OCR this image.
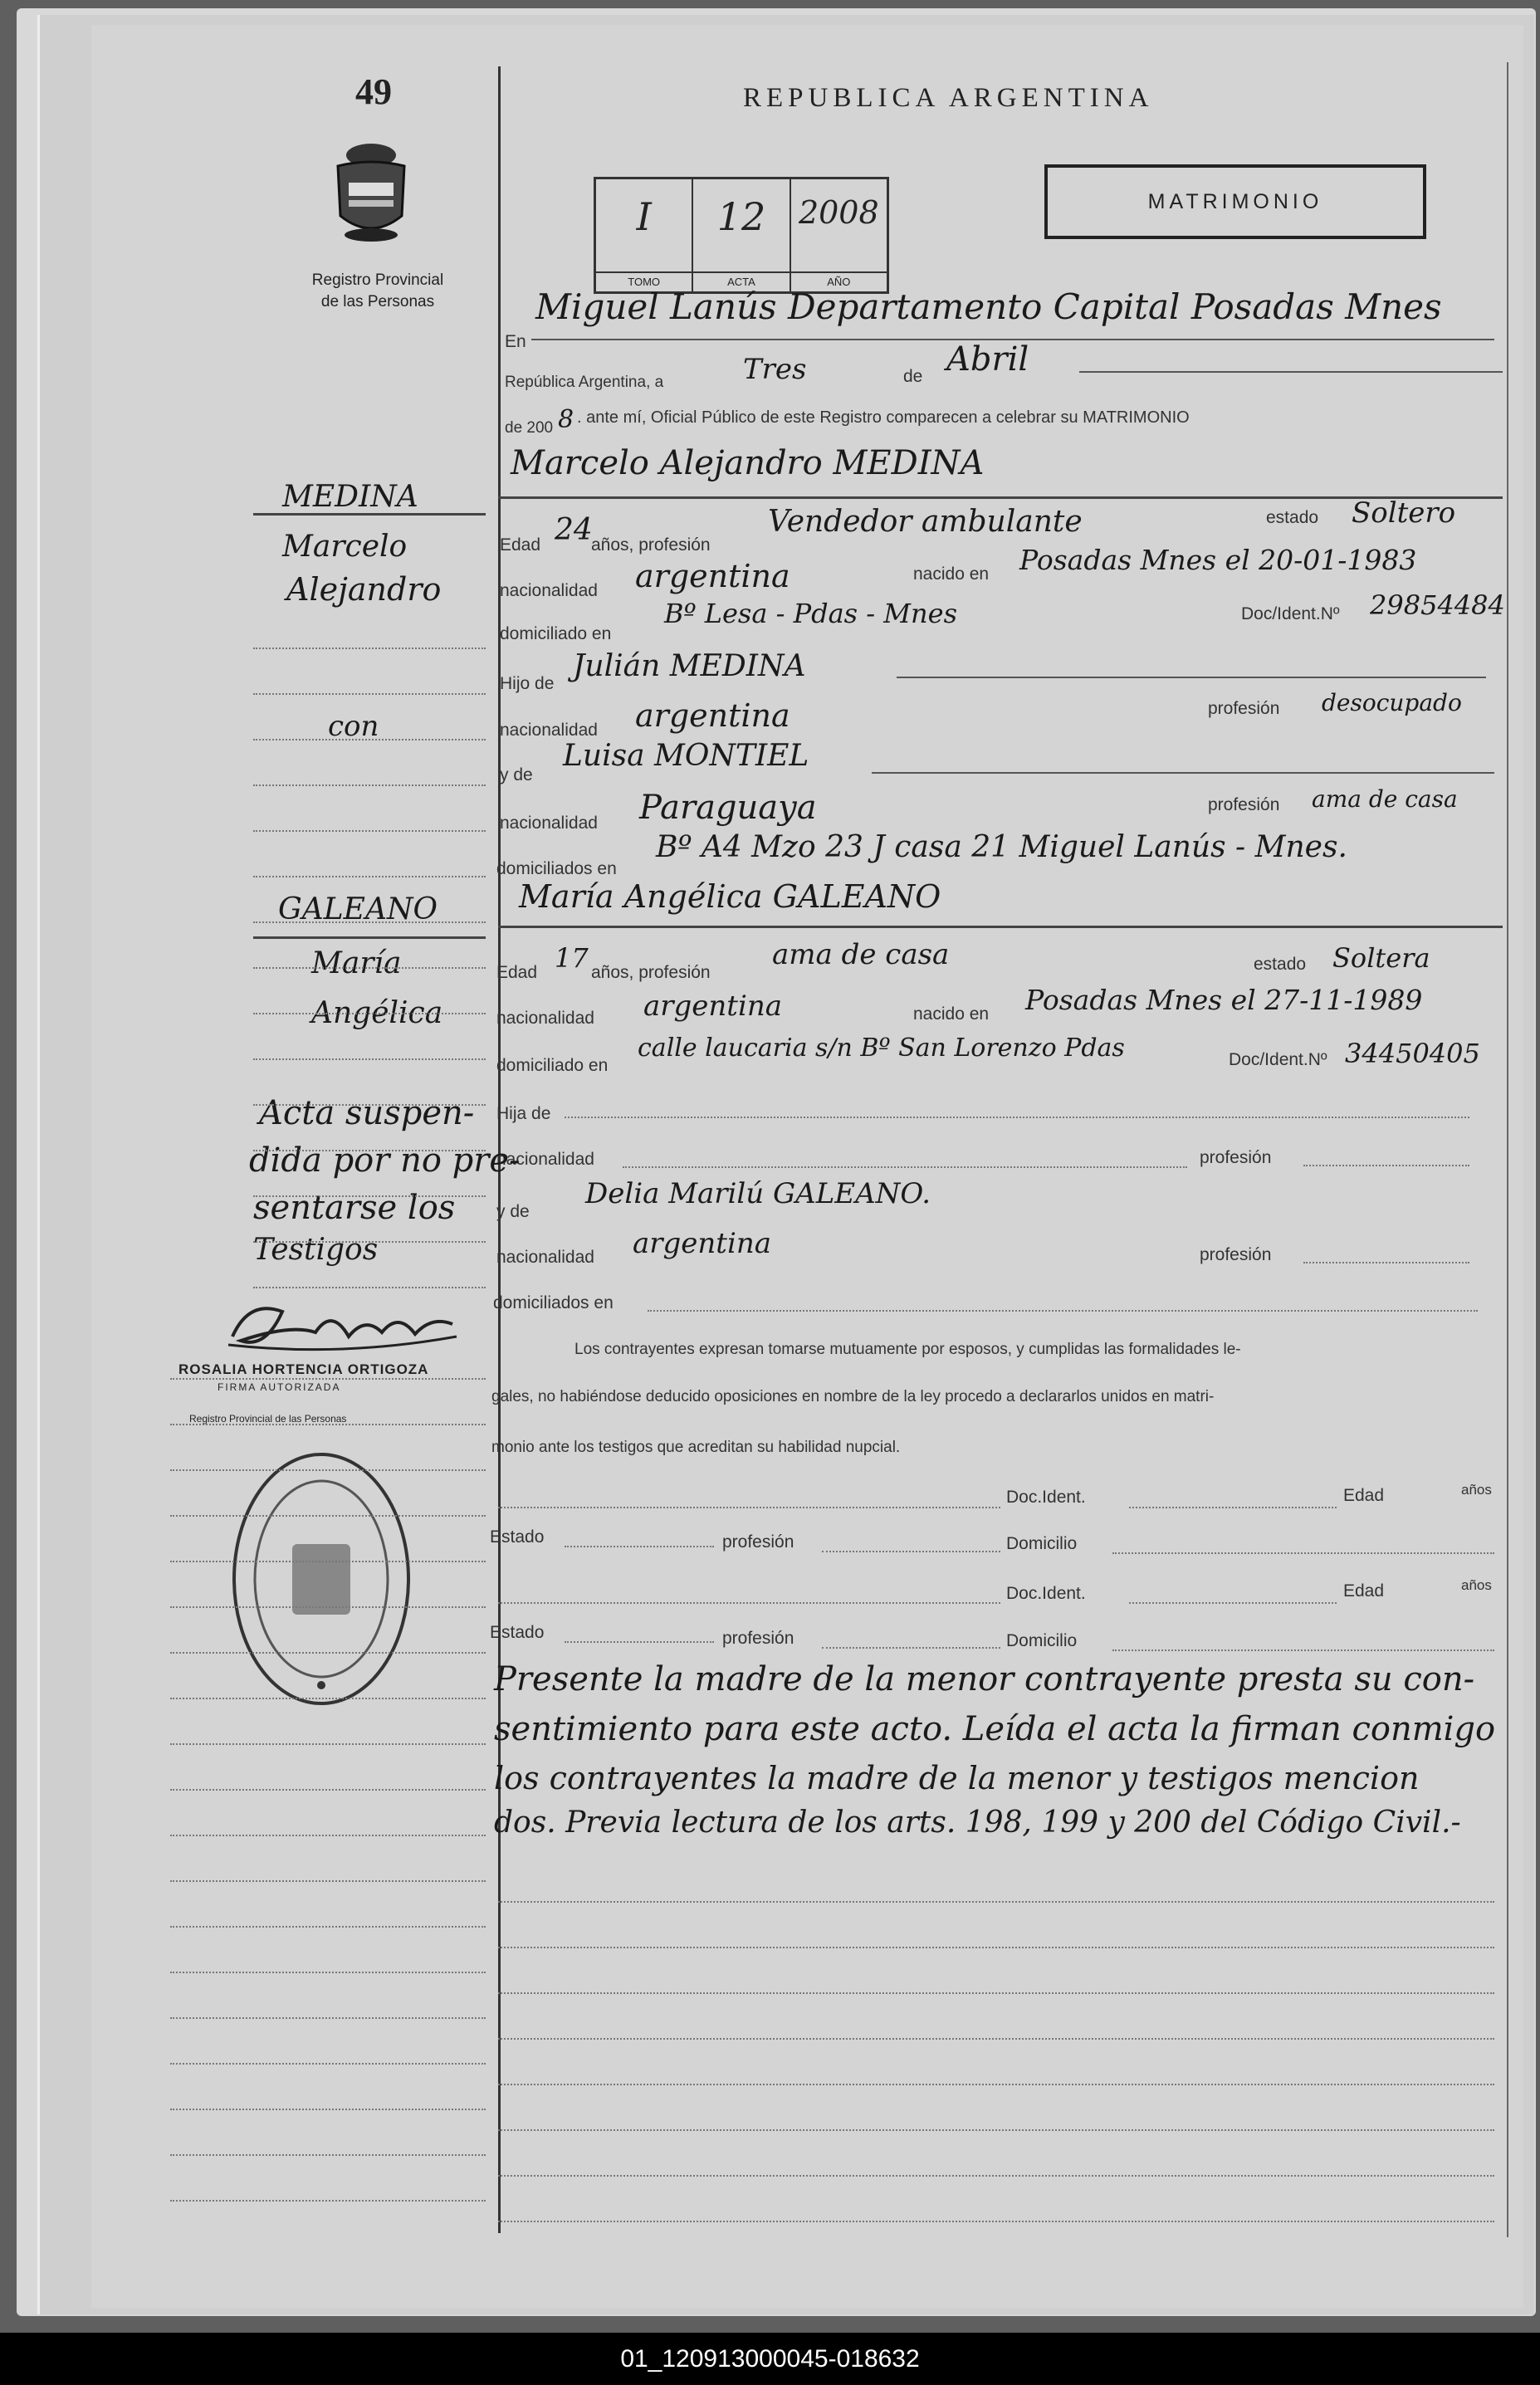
49
Registro Provincial
de las Personas
REPUBLICA ARGENTINA
MATRIMONIO
I
TOMO
12
ACTA
2008
AÑO
En
Miguel Lanús Departamento Capital Posadas Mnes
República Argentina, a	Tres	de Abril
de 200 8 . ante mí, Oficial Público de este Registro comparecen a celebrar su MATRIMONIO
Marcelo Alejandro MEDINA
MEDINA
Marcelo
Alejandro
Edad 24
años, profesión
Vendedor ambulante	estado Soltero
nacionalidad argentina	nacido en Posadas Mnes el 20-01-1983
domiciliado en
Bº Lesa - Pdas - Mnes	Doc/Ident.Nº 29854484
Hijo de
Julián MEDINA
nacionalidad argentina	profesión desocupado
con
y de
Luisa MONTIEL
nacionalidad Paraguaya	profesión ama de casa
domiciliados en
Bº A4 Mzo 23 J casa 21 Miguel Lanús - Mnes.
María Angélica GALEANO
GALEANO
María
Angélica
Edad 17 años, profesión
ama de casa	estado Soltera
nacionalidad argentina	nacido en Posadas Mnes el 27-11-1989
domiciliado en
calle laucaria s/n Bº San Lorenzo Pdas	Doc/Ident.Nº 34450405
Hija de
nacionalidad	profesión
y de
Delia Marilú GALEANO.
nacionalidad argentina	profesión
domiciliados en
Acta suspen-
dida por no pre-
sentarse los
Testigos
ROSALIA HORTENCIA ORTIGOZA
FIRMA AUTORIZADA
Registro Provincial de las Personas
Los contrayentes expresan tomarse mutuamente por esposos, y cumplidas las formalidades le-
gales, no habiéndose deducido oposiciones en nombre de la ley procedo a declararlos unidos en matri-
monio ante los testigos que acreditan su habilidad nupcial.
Doc.Ident.	Edad	años
Estado	profesión	Domicilio
Doc.Ident.	Edad	años
Estado	profesión	Domicilio
Presente la madre de la menor contrayente presta su con-
sentimiento para este acto. Leída el acta la firman conmigo
los contrayentes la madre de la menor y testigos mencion
dos. Previa lectura de los arts. 198, 199 y 200 del Código Civil.-
01_120913000045-018632
